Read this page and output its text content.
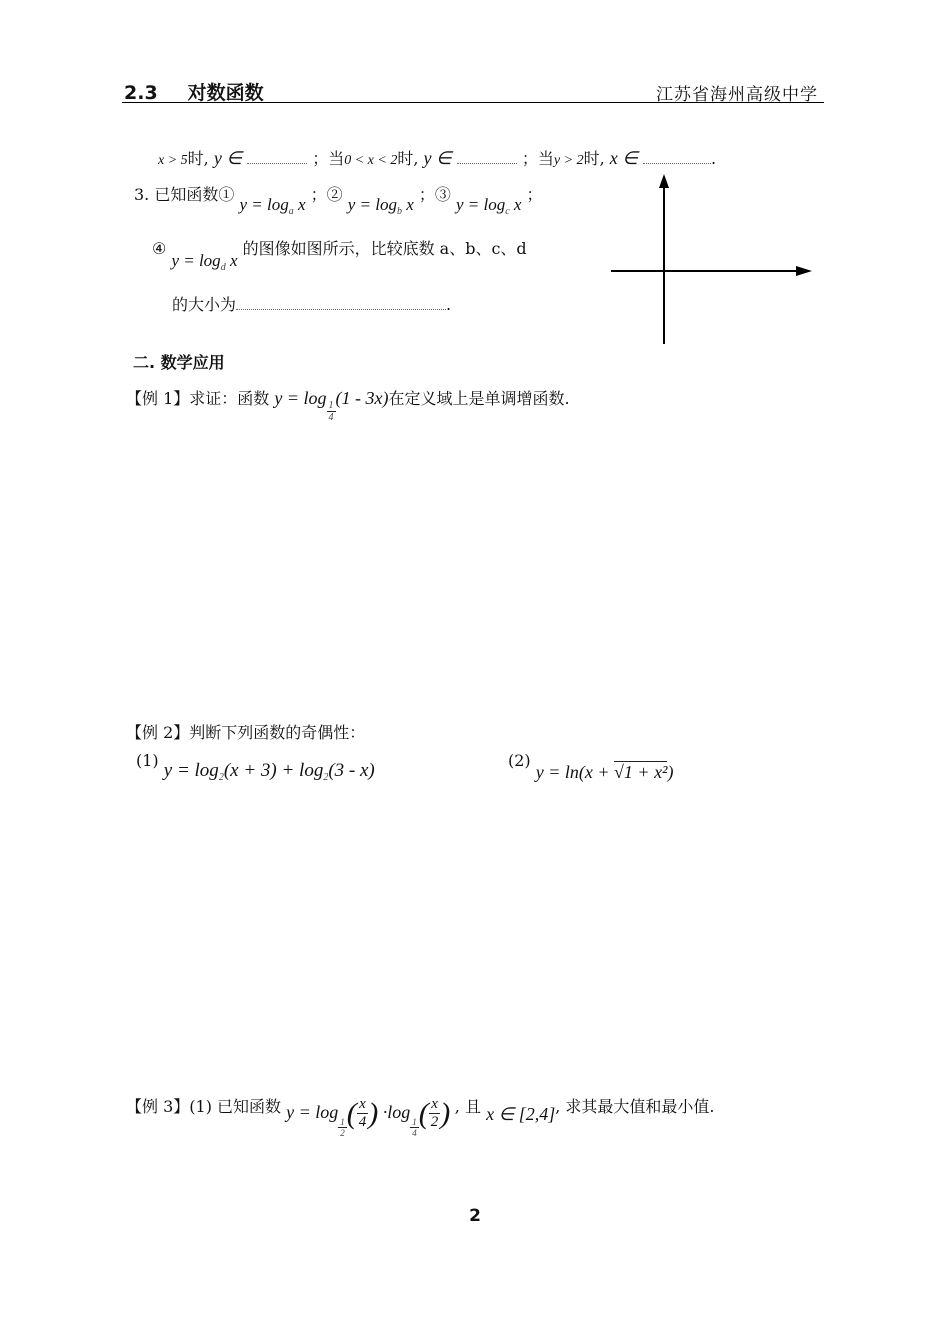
2.3 对数函数	江苏省海州高级中学
x > 5时, y ∈	；当0 < x < 2时, y ∈	；当y > 2时, x ∈	.
3. 已知函数① $y = \log_a x$ ；② $y = \log_b x$ ；③ $y = \log_c x$ ；
④ $y = \log_d x$ 的图像如图所示，比较底数 a、b、c、d
的大小为	.
二. 数学应用
【例 1】求证：函数 y = log
$\frac{1}{4}$
(1 - 3x)在定义域上是单调增函数.
【例 2】判断下列函数的奇偶性：
(1) $y = \log_2(x + 3) + \log_2(3 - x)$	(2) y = ln(x + √1 + x²)
【例 3】(1) 已知函数 y = log
$\frac{1}{2}$ ( $\frac{x}{4}$ ) ·log
$\frac{1}{4}$ ( $\frac{x}{2}$ ) , 且 x ∈ [2,4], 求其最大值和最小值.
2
